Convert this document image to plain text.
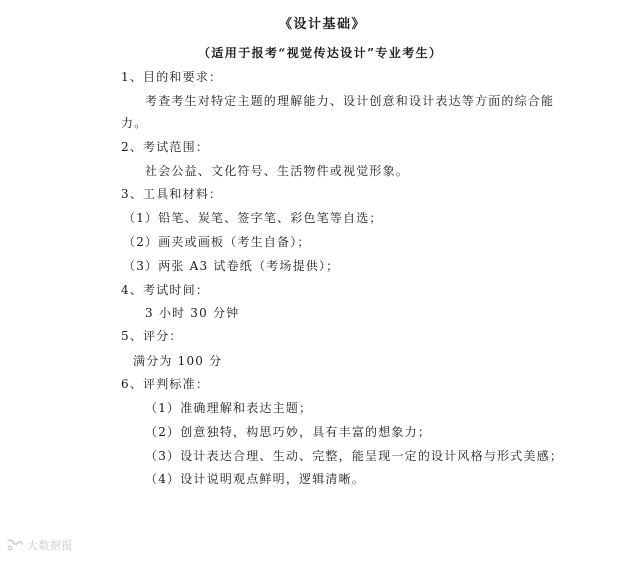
《设计基础》
（适用于报考“视觉传达设计”专业考生）
1、目的和要求：
考查考生对特定主题的理解能力、设计创意和设计表达等方面的综合能
力。
2、考试范围：
社会公益、文化符号、生活物件或视觉形象。
3、工具和材料：
（1）铅笔、炭笔、签字笔、彩色笔等自选；
（2）画夹或画板（考生自备）；
（3）两张 A3 试卷纸（考场提供）；
4、考试时间：
3 小时 30 分钟
5、评分：
满分为 100 分
6、评判标准：
（1）准确理解和表达主题；
（2）创意独特，构思巧妙，具有丰富的想象力；
（3）设计表达合理、生动、完整，能呈现一定的设计风格与形式美感；
（4）设计说明观点鲜明，逻辑清晰。
大数据报
